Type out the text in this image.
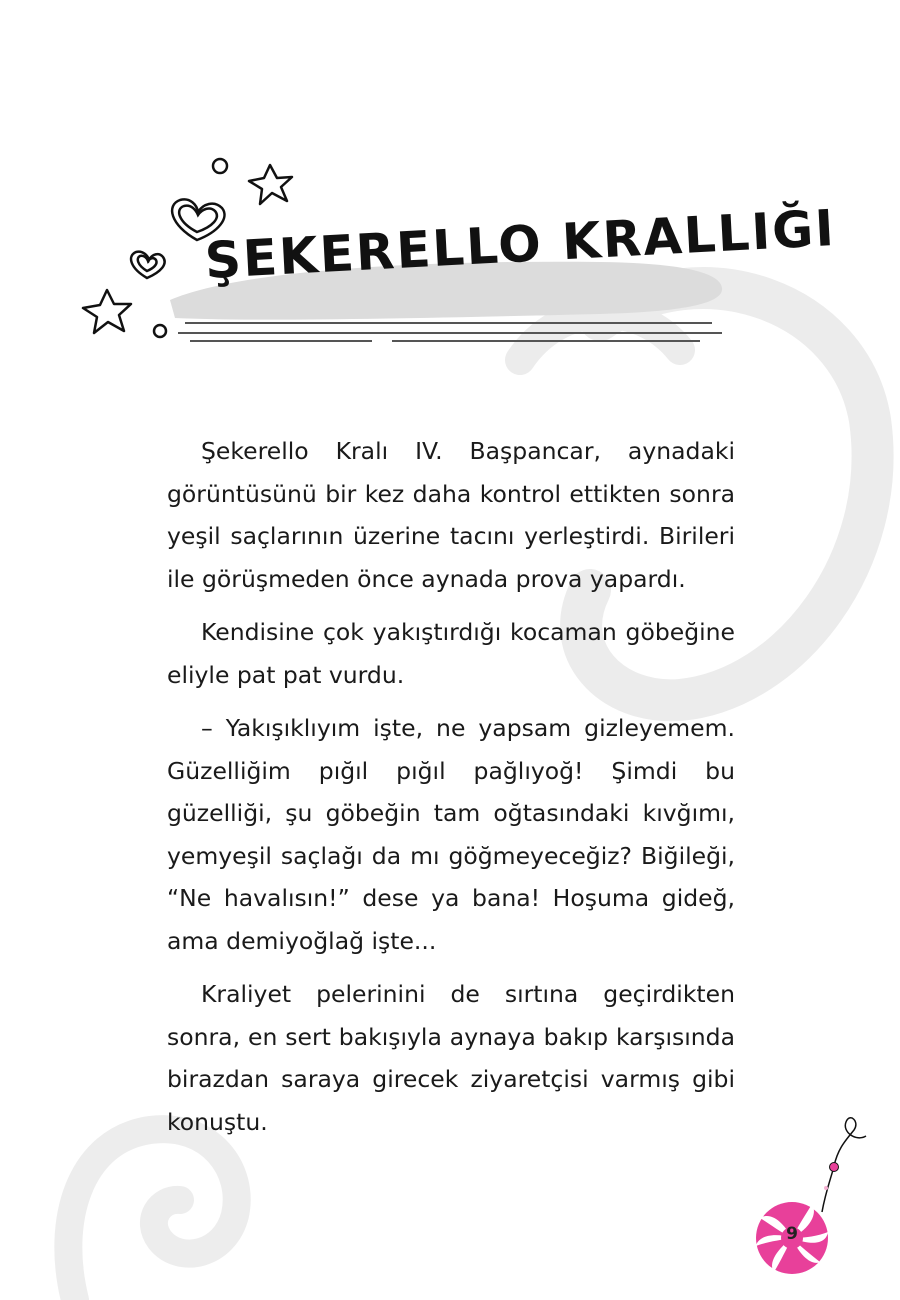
ŞEKERELLO KRALLIĞI

Şekerello Kralı IV. Başpancar, aynadaki görüntüsünü bir kez daha kontrol ettikten sonra yeşil saçlarının üzerine tacını yerleştirdi. Birileri ile görüşmeden önce aynada prova yapardı.

Kendisine çok yakıştırdığı kocaman göbeğine eliyle pat pat vurdu.

– Yakışıklıyım işte, ne yapsam gizleyemem. Güzelliğim pığıl pığıl pağlıyoğ! Şimdi bu güzelliği, şu göbeğin tam oğtasındaki kıvğımı, yemyeşil saçlağı da mı göğmeyeceğiz? Biğileği, “Ne havalısın!” dese ya bana! Hoşuma gideğ, ama demiyoğlağ işte...

Kraliyet pelerinini de sırtına geçirdikten sonra, en sert bakışıyla aynaya bakıp karşısında birazdan saraya girecek ziyaretçisi varmış gibi konuştu.

9
